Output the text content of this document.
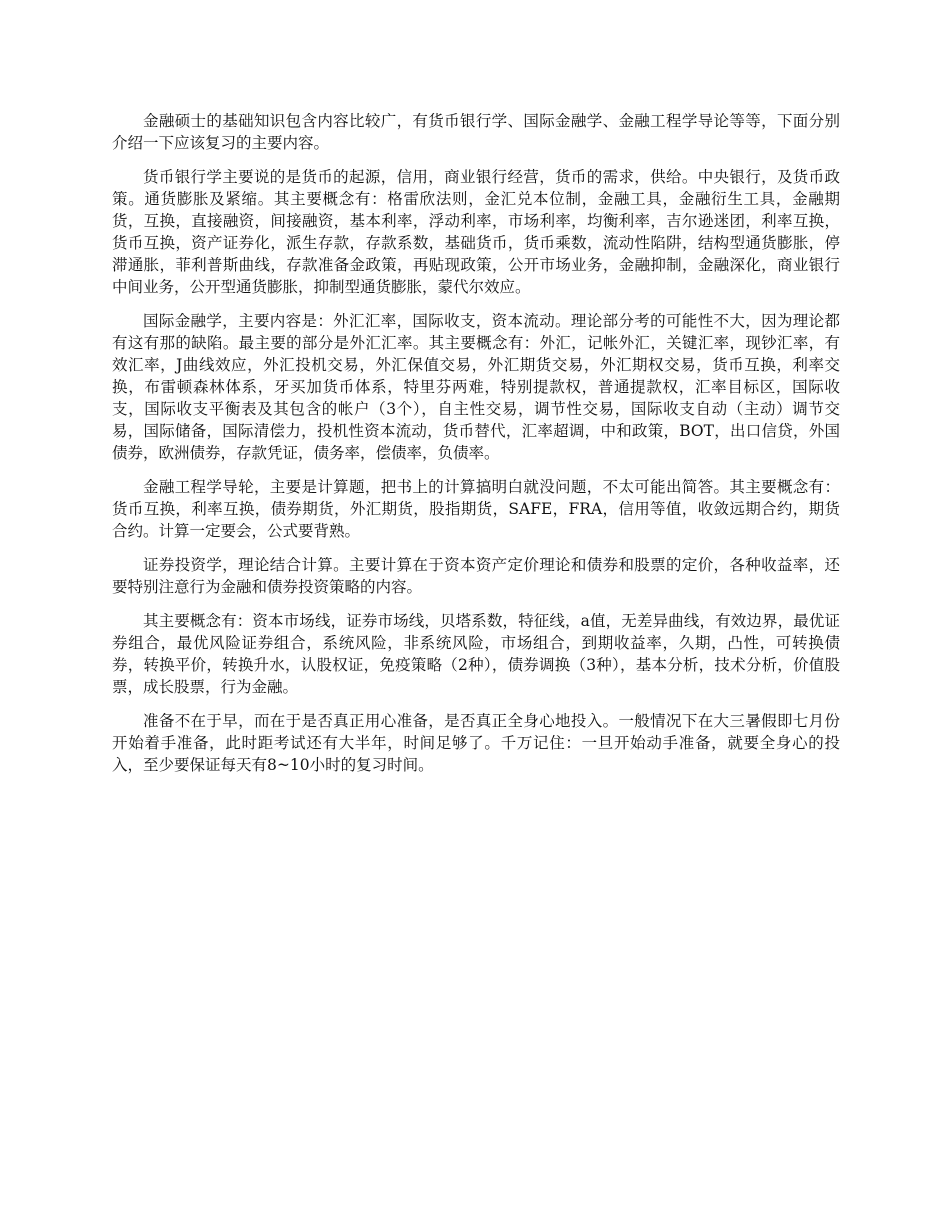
金融硕士的基础知识包含内容比较广，有货币银行学、国际金融学、金融工程学导论等等，下面分别介绍一下应该复习的主要内容。

货币银行学主要说的是货币的起源，信用，商业银行经营，货币的需求，供给。中央银行，及货币政策。通货膨胀及紧缩。其主要概念有：格雷欣法则，金汇兑本位制，金融工具，金融衍生工具，金融期货，互换，直接融资，间接融资，基本利率，浮动利率，市场利率，均衡利率，吉尔逊迷团，利率互换，货币互换，资产证券化，派生存款，存款系数，基础货币，货币乘数，流动性陷阱，结构型通货膨胀，停滞通胀，菲利普斯曲线，存款准备金政策，再贴现政策，公开市场业务，金融抑制，金融深化，商业银行中间业务，公开型通货膨胀，抑制型通货膨胀，蒙代尔效应。

国际金融学，主要内容是：外汇汇率，国际收支，资本流动。理论部分考的可能性不大，因为理论都有这有那的缺陷。最主要的部分是外汇汇率。其主要概念有：外汇，记帐外汇，关键汇率，现钞汇率，有效汇率，J曲线效应，外汇投机交易，外汇保值交易，外汇期货交易，外汇期权交易，货币互换，利率交换，布雷顿森林体系，牙买加货币体系，特里芬两难，特别提款权，普通提款权，汇率目标区，国际收支，国际收支平衡表及其包含的帐户（3个），自主性交易，调节性交易，国际收支自动（主动）调节交易，国际储备，国际清偿力，投机性资本流动，货币替代，汇率超调，中和政策，BOT，出口信贷，外国债券，欧洲债券，存款凭证，债务率，偿债率，负债率。

金融工程学导轮，主要是计算题，把书上的计算搞明白就没问题，不太可能出简答。其主要概念有：货币互换，利率互换，债券期货，外汇期货，股指期货，SAFE，FRA，信用等值，收敛远期合约，期货合约。计算一定要会，公式要背熟。

证券投资学，理论结合计算。主要计算在于资本资产定价理论和债券和股票的定价，各种收益率，还要特别注意行为金融和债券投资策略的内容。

其主要概念有：资本市场线，证券市场线，贝塔系数，特征线，a值，无差异曲线，有效边界，最优证券组合，最优风险证券组合，系统风险，非系统风险，市场组合，到期收益率，久期，凸性，可转换债券，转换平价，转换升水，认股权证，免疫策略（2种），债券调换（3种），基本分析，技术分析，价值股票，成长股票，行为金融。

准备不在于早，而在于是否真正用心准备，是否真正全身心地投入。一般情况下在大三暑假即七月份开始着手准备，此时距考试还有大半年，时间足够了。千万记住：一旦开始动手准备，就要全身心的投入，至少要保证每天有8~10小时的复习时间。
